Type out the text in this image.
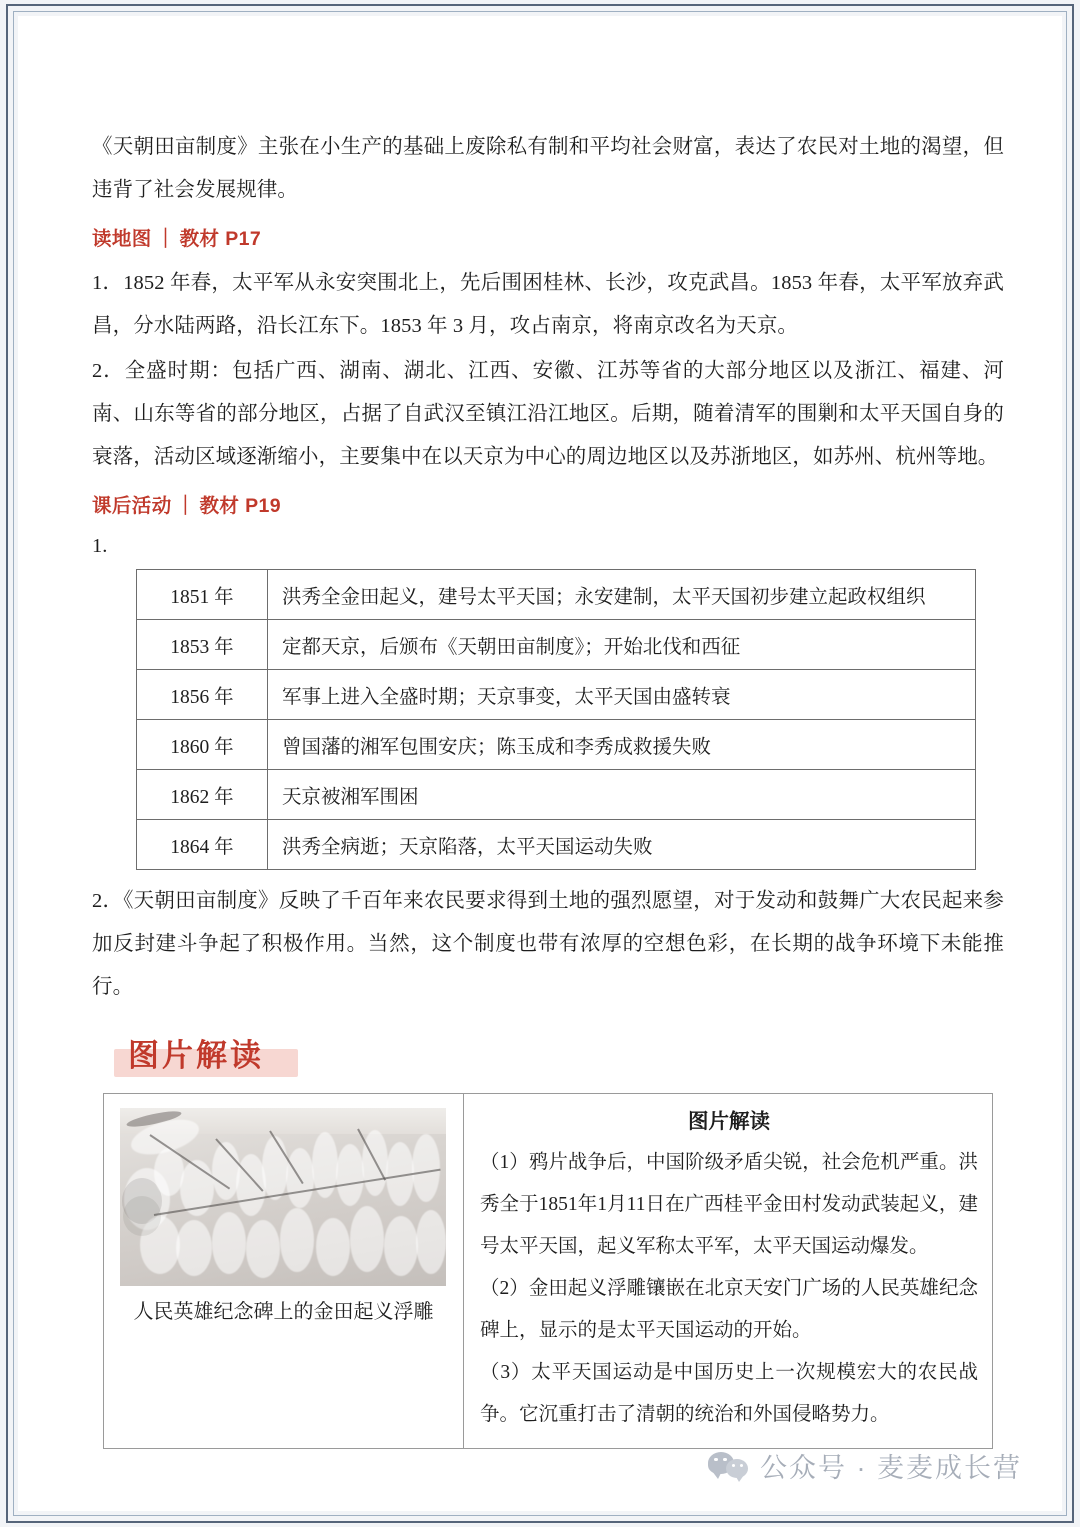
《天朝田亩制度》主张在小生产的基础上废除私有制和平均社会财富，表达了农民对土地的渴望，但违背了社会发展规律。

读地图 ｜ 教材 P17

1．1852 年春，太平军从永安突围北上，先后围困桂林、长沙，攻克武昌。1853 年春，太平军放弃武昌，分水陆两路，沿长江东下。1853 年 3 月，攻占南京，将南京改名为天京。

2．全盛时期：包括广西、湖南、湖北、江西、安徽、江苏等省的大部分地区以及浙江、福建、河南、山东等省的部分地区，占据了自武汉至镇江沿江地区。后期，随着清军的围剿和太平天国自身的衰落，活动区域逐渐缩小，主要集中在以天京为中心的周边地区以及苏浙地区，如苏州、杭州等地。

课后活动 ｜ 教材 P19
1.
1851 年	洪秀全金田起义，建号太平天国；永安建制，太平天国初步建立起政权组织
1853 年	定都天京，后颁布《天朝田亩制度》；开始北伐和西征
1856 年	军事上进入全盛时期；天京事变，太平天国由盛转衰
1860 年	曾国藩的湘军包围安庆；陈玉成和李秀成救援失败
1862 年	天京被湘军围困
1864 年	洪秀全病逝；天京陷落，太平天国运动失败

2．《天朝田亩制度》反映了千百年来农民要求得到土地的强烈愿望，对于发动和鼓舞广大农民起来参加反封建斗争起了积极作用。当然，这个制度也带有浓厚的空想色彩，在长期的战争环境下未能推行。

图片解读
人民英雄纪念碑上的金田起义浮雕
图片解读

（1）鸦片战争后，中国阶级矛盾尖锐，社会危机严重。洪秀全于1851年1月11日在广西桂平金田村发动武装起义，建号太平天国，起义军称太平军，太平天国运动爆发。

（2）金田起义浮雕镶嵌在北京天安门广场的人民英雄纪念碑上，显示的是太平天国运动的开始。

（3）太平天国运动是中国历史上一次规模宏大的农民战争。它沉重打击了清朝的统治和外国侵略势力。

公众号 · 麦麦成长营
